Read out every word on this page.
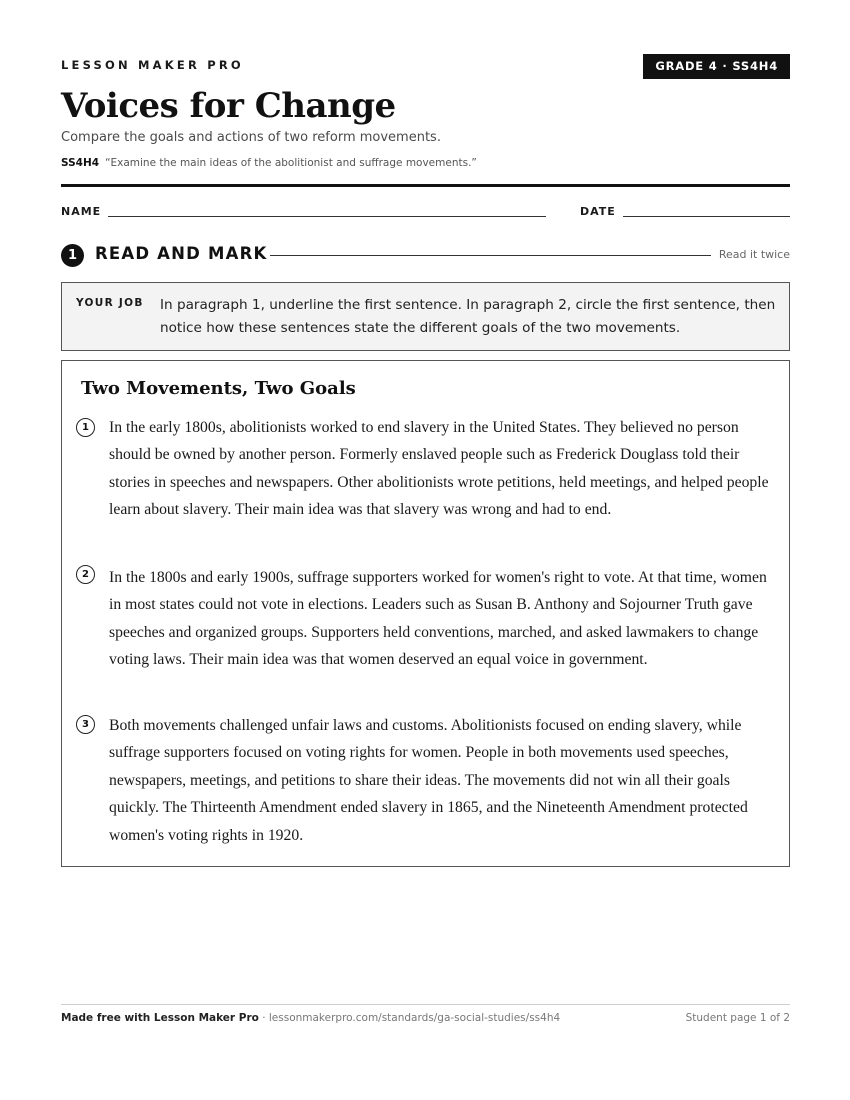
LESSON MAKER PRO	GRADE 4 · SS4H4
Voices for Change
Compare the goals and actions of two reform movements.
SS4H4 “Examine the main ideas of the abolitionist and suffrage movements.”
NAME	DATE
1	READ AND MARK	Read it twice
YOUR JOB In paragraph 1, underline the first sentence. In paragraph 2, circle the first sentence, then notice how these sentences state the different goals of the two movements.
Two Movements, Two Goals
1	In the early 1800s, abolitionists worked to end slavery in the United States. They believed no person should be owned by another person. Formerly enslaved people such as Frederick Douglass told their stories in speeches and newspapers. Other abolitionists wrote petitions, held meetings, and helped people learn about slavery. Their main idea was that slavery was wrong and had to end.
2	In the 1800s and early 1900s, suffrage supporters worked for women's right to vote. At that time, women in most states could not vote in elections. Leaders such as Susan B. Anthony and Sojourner Truth gave speeches and organized groups. Supporters held conventions, marched, and asked lawmakers to change voting laws. Their main idea was that women deserved an equal voice in government.
3	Both movements challenged unfair laws and customs. Abolitionists focused on ending slavery, while suffrage supporters focused on voting rights for women. People in both movements used speeches, newspapers, meetings, and petitions to share their ideas. The movements did not win all their goals quickly. The Thirteenth Amendment ended slavery in 1865, and the Nineteenth Amendment protected women's voting rights in 1920.
Made free with Lesson Maker Pro · lessonmakerpro.com/standards/ga-social-studies/ss4h4	Student page 1 of 2
